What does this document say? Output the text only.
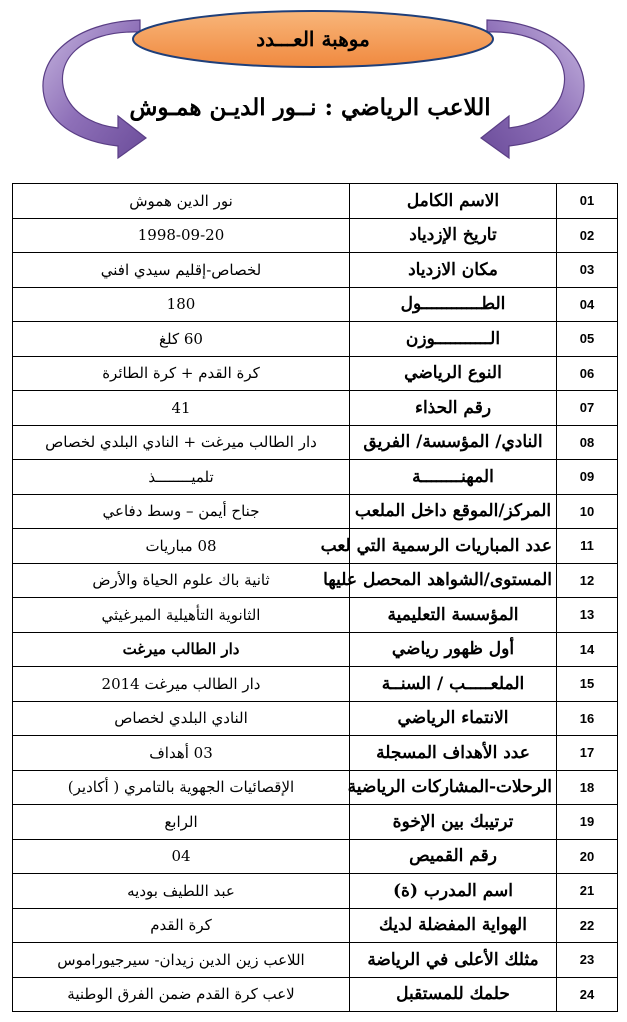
موهبة العـــدد
اللاعب الرياضي : نــور الديـن همـوش
نور الدين هموش	الاسم الكامل	01
1998-09-20	تاريخ الإزدياد	02
لخصاص-إقليم سيدي افني	مكان الازدياد	03
180	الطــــــــــــول	04
60 كلغ	الـــــــــــوزن	05
كرة القدم + كرة الطائرة	النوع الرياضي	06
41	رقم الحذاء	07
دار الطالب ميرغت + النادي البلدي لخصاص	النادي/ المؤسسة/ الفريق	08
تلميــــــــذ	المهنــــــــة	09
جناح أيمن – وسط دفاعي	المركز/الموقع داخل الملعب	10
08 مباريات	عدد المباريات الرسمية التي لعب	11
ثانية باك علوم الحياة والأرض	المستوى/الشواهد المحصل عليها	12
الثانوية التأهيلية الميرغيثي	المؤسسة التعليمية	13
دار الطالب ميرغت	أول ظهور رياضي	14
دار الطالب ميرغت 2014	الملعـــــب / السنــة	15
النادي البلدي لخصاص	الانتماء الرياضي	16
03 أهداف	عدد الأهداف المسجلة	17
الإقصائيات الجهوية بالتامري ( أكادير)	الرحلات-المشاركات الرياضية	18
الرابع	ترتيبك بين الإخوة	19
04	رقم القميص	20
عبد اللطيف بوديه	اسم المدرب (ة)	21
كرة القدم	الهواية المفضلة لديك	22
اللاعب زين الدين زيدان- سيرجيوراموس	مثلك الأعلى في الرياضة	23
لاعب كرة القدم ضمن الفرق الوطنية	حلمك للمستقبل	24
